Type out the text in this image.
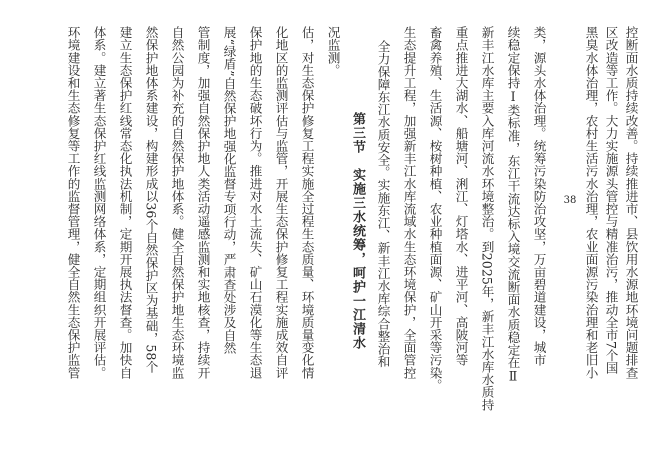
38
环境建设和生态修复等工作的监督管理，健全自然生态保护监管 体系。建立著生态保护红线监测网络体系，定期组织开展评估。 建立生态保护红线常态化执法机制，定期开展执法督查。加快自 然保护地体系建设，构建形成以36个自然保护区为基础，58个 自然公园为补充的自然保护地体系。健全自然保护地生态环境监 管制度，加强自然保护地人类活动遥感监测和实地核查，持续开 展“绿盾”自然保护地强化监督专项行动，严肃查处涉及自然 保护地的生态破坏行为。推进对水土流失、矿山石漠化等生态退 化地区的监测评估与监管，开展生态保护修复工程实施成效自评 估，对生态保护修复工程实施全过程生态质量、环境质量变化情 况监测。
第三节　实施三水统筹，呵护一江清水 全力保障东江水质安全。实施东江、新丰江水库综合整治和 生态提升工程，加强新丰江水库流域水生态环境保护，全面管控 畜禽养殖、生活源、桉树种植、农业种植面源、矿山开采等污染。 重点推进大湖水、船塘河、浰江、灯塔水、进平河、高陂河等 新丰江水库主要入库河流水环境整治。到2025年，新丰江水库水质持 续稳定保持Ⅰ类标准，东江干流达标入境交流断面水质稳定在Ⅱ 类，源头水体治理。统筹污染防治攻坚，万亩碧道建设，城市	黑臭水体治理，农村生活污水治理，农业面源污染治理和老旧小 区改造等工作。大力实施源头管控与精准治污，推动全市7个国 控断面水质持续改善。持续推进市、县饮用水源地环境问题排查
